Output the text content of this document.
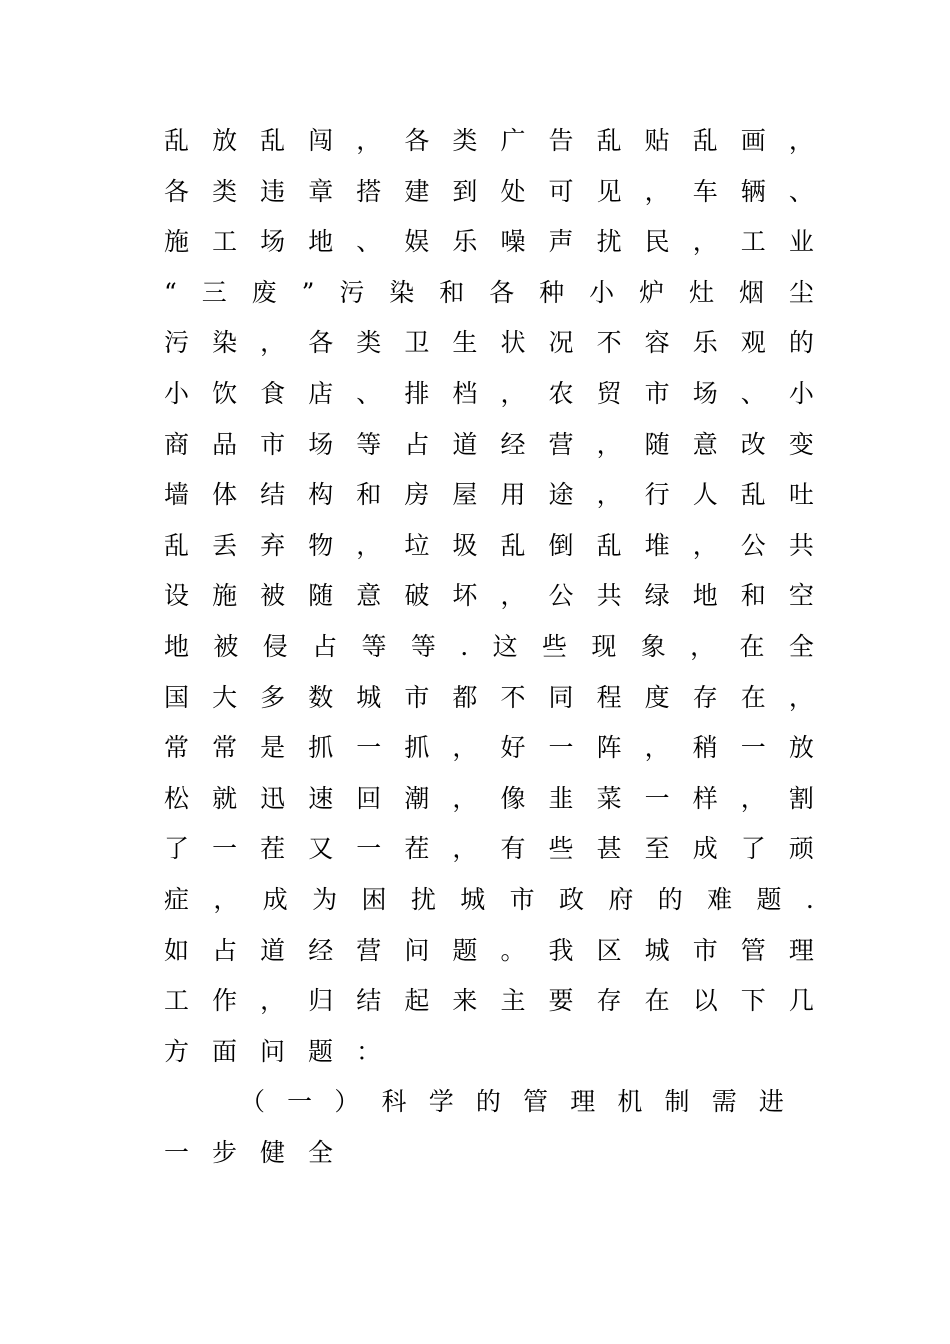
乱 放 乱 闯 ， 各 类 广 告 乱 贴 乱 画 ，
各 类 违 章 搭 建 到 处 可 见 ， 车 辆 、
施 工 场 地 、 娱 乐 噪 声 扰 民 ， 工 业
“ 三 废 ” 污 染 和 各 种 小 炉 灶 烟 尘
污 染 ， 各 类 卫 生 状 况 不 容 乐 观 的
小 饮 食 店 、 排 档 ， 农 贸 市 场 、 小
商 品 市 场 等 占 道 经 营 ， 随 意 改 变
墙 体 结 构 和 房 屋 用 途 ， 行 人 乱 吐
乱 丢 弃 物 ， 垃 圾 乱 倒 乱 堆 ， 公 共
设 施 被 随 意 破 坏 ， 公 共 绿 地 和 空
地 被 侵 占 等 等 . 这 些 现 象 ， 在 全
国 大 多 数 城 市 都 不 同 程 度 存 在 ，
常 常 是 抓 一 抓 ， 好 一 阵 ， 稍 一 放
松 就 迅 速 回 潮 ， 像 韭 菜 一 样 ， 割
了 一 茬 又 一 茬 ， 有 些 甚 至 成 了 顽
症 ， 成 为 困 扰 城 市 政 府 的 难 题 .
如 占 道 经 营 问 题 。 我 区 城 市 管 理
工 作 ， 归 结 起 来 主 要 存 在 以 下 几
方 面 问 题 ：
（ 一 ） 科 学 的 管 理 机 制 需 进
一 步 健 全
